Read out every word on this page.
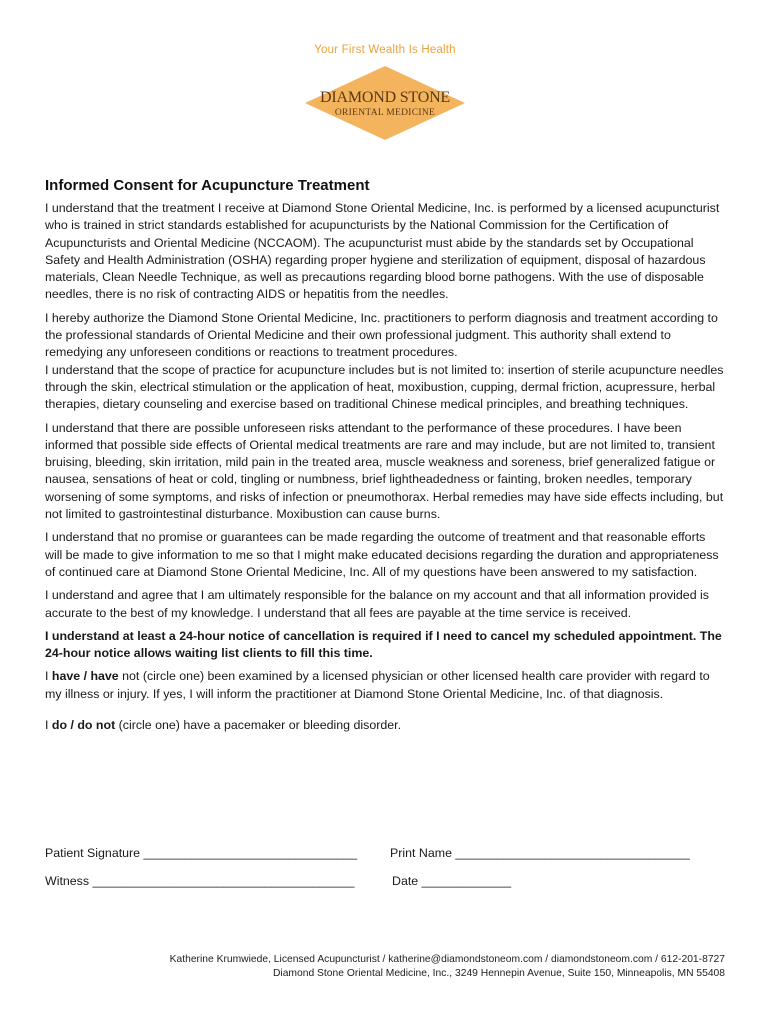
Your First Wealth Is Health
DIAMOND STONE
ORIENTAL MEDICINE
Informed Consent for Acupuncture Treatment

I understand that the treatment I receive at Diamond Stone Oriental Medicine, Inc. is performed by a licensed acupuncturist who is trained in strict standards established for acupuncturists by the National Commission for the Certification of Acupuncturists and Oriental Medicine (NCCAOM). The acupuncturist must abide by the standards set by Occupational Safety and Health Administration (OSHA) regarding proper hygiene and sterilization of equipment, disposal of hazardous materials, Clean Needle Technique, as well as precautions regarding blood borne pathogens. With the use of disposable needles, there is no risk of contracting AIDS or hepatitis from the needles.

I hereby authorize the Diamond Stone Oriental Medicine, Inc. practitioners to perform diagnosis and treatment according to the professional standards of Oriental Medicine and their own professional judgment. This authority shall extend to remedying any unforeseen conditions or reactions to treatment procedures.

I understand that the scope of practice for acupuncture includes but is not limited to: insertion of sterile acupuncture needles through the skin, electrical stimulation or the application of heat, moxibustion, cupping, dermal friction, acupressure, herbal therapies, dietary counseling and exercise based on traditional Chinese medical principles, and breathing techniques.

I understand that there are possible unforeseen risks attendant to the performance of these procedures. I have been informed that possible side effects of Oriental medical treatments are rare and may include, but are not limited to, transient bruising, bleeding, skin irritation, mild pain in the treated area, muscle weakness and soreness, brief generalized fatigue or nausea, sensations of heat or cold, tingling or numbness, brief lightheadedness or fainting, broken needles, temporary worsening of some symptoms, and risks of infection or pneumothorax. Herbal remedies may have side effects including, but not limited to gastrointestinal disturbance. Moxibustion can cause burns.

I understand that no promise or guarantees can be made regarding the outcome of treatment and that reasonable efforts will be made to give information to me so that I might make educated decisions regarding the duration and appropriateness of continued care at Diamond Stone Oriental Medicine, Inc. All of my questions have been answered to my satisfaction.

I understand and agree that I am ultimately responsible for the balance on my account and that all information provided is accurate to the best of my knowledge. I understand that all fees are payable at the time service is received.

I understand at least a 24-hour notice of cancellation is required if I need to cancel my scheduled appointment. The 24-hour notice allows waiting list clients to fill this time.

I have / have not (circle one) been examined by a licensed physician or other licensed health care provider with regard to my illness or injury. If yes, I will inform the practitioner at Diamond Stone Oriental Medicine, Inc. of that diagnosis.

I do / do not (circle one) have a pacemaker or bleeding disorder.

Patient Signature _______________________________	Print Name __________________________________
Witness ______________________________________	Date _____________
Katherine Krumwiede, Licensed Acupuncturist / katherine@diamondstoneom.com / diamondstoneom.com / 612-201-8727
Diamond Stone Oriental Medicine, Inc., 3249 Hennepin Avenue, Suite 150, Minneapolis, MN 55408
